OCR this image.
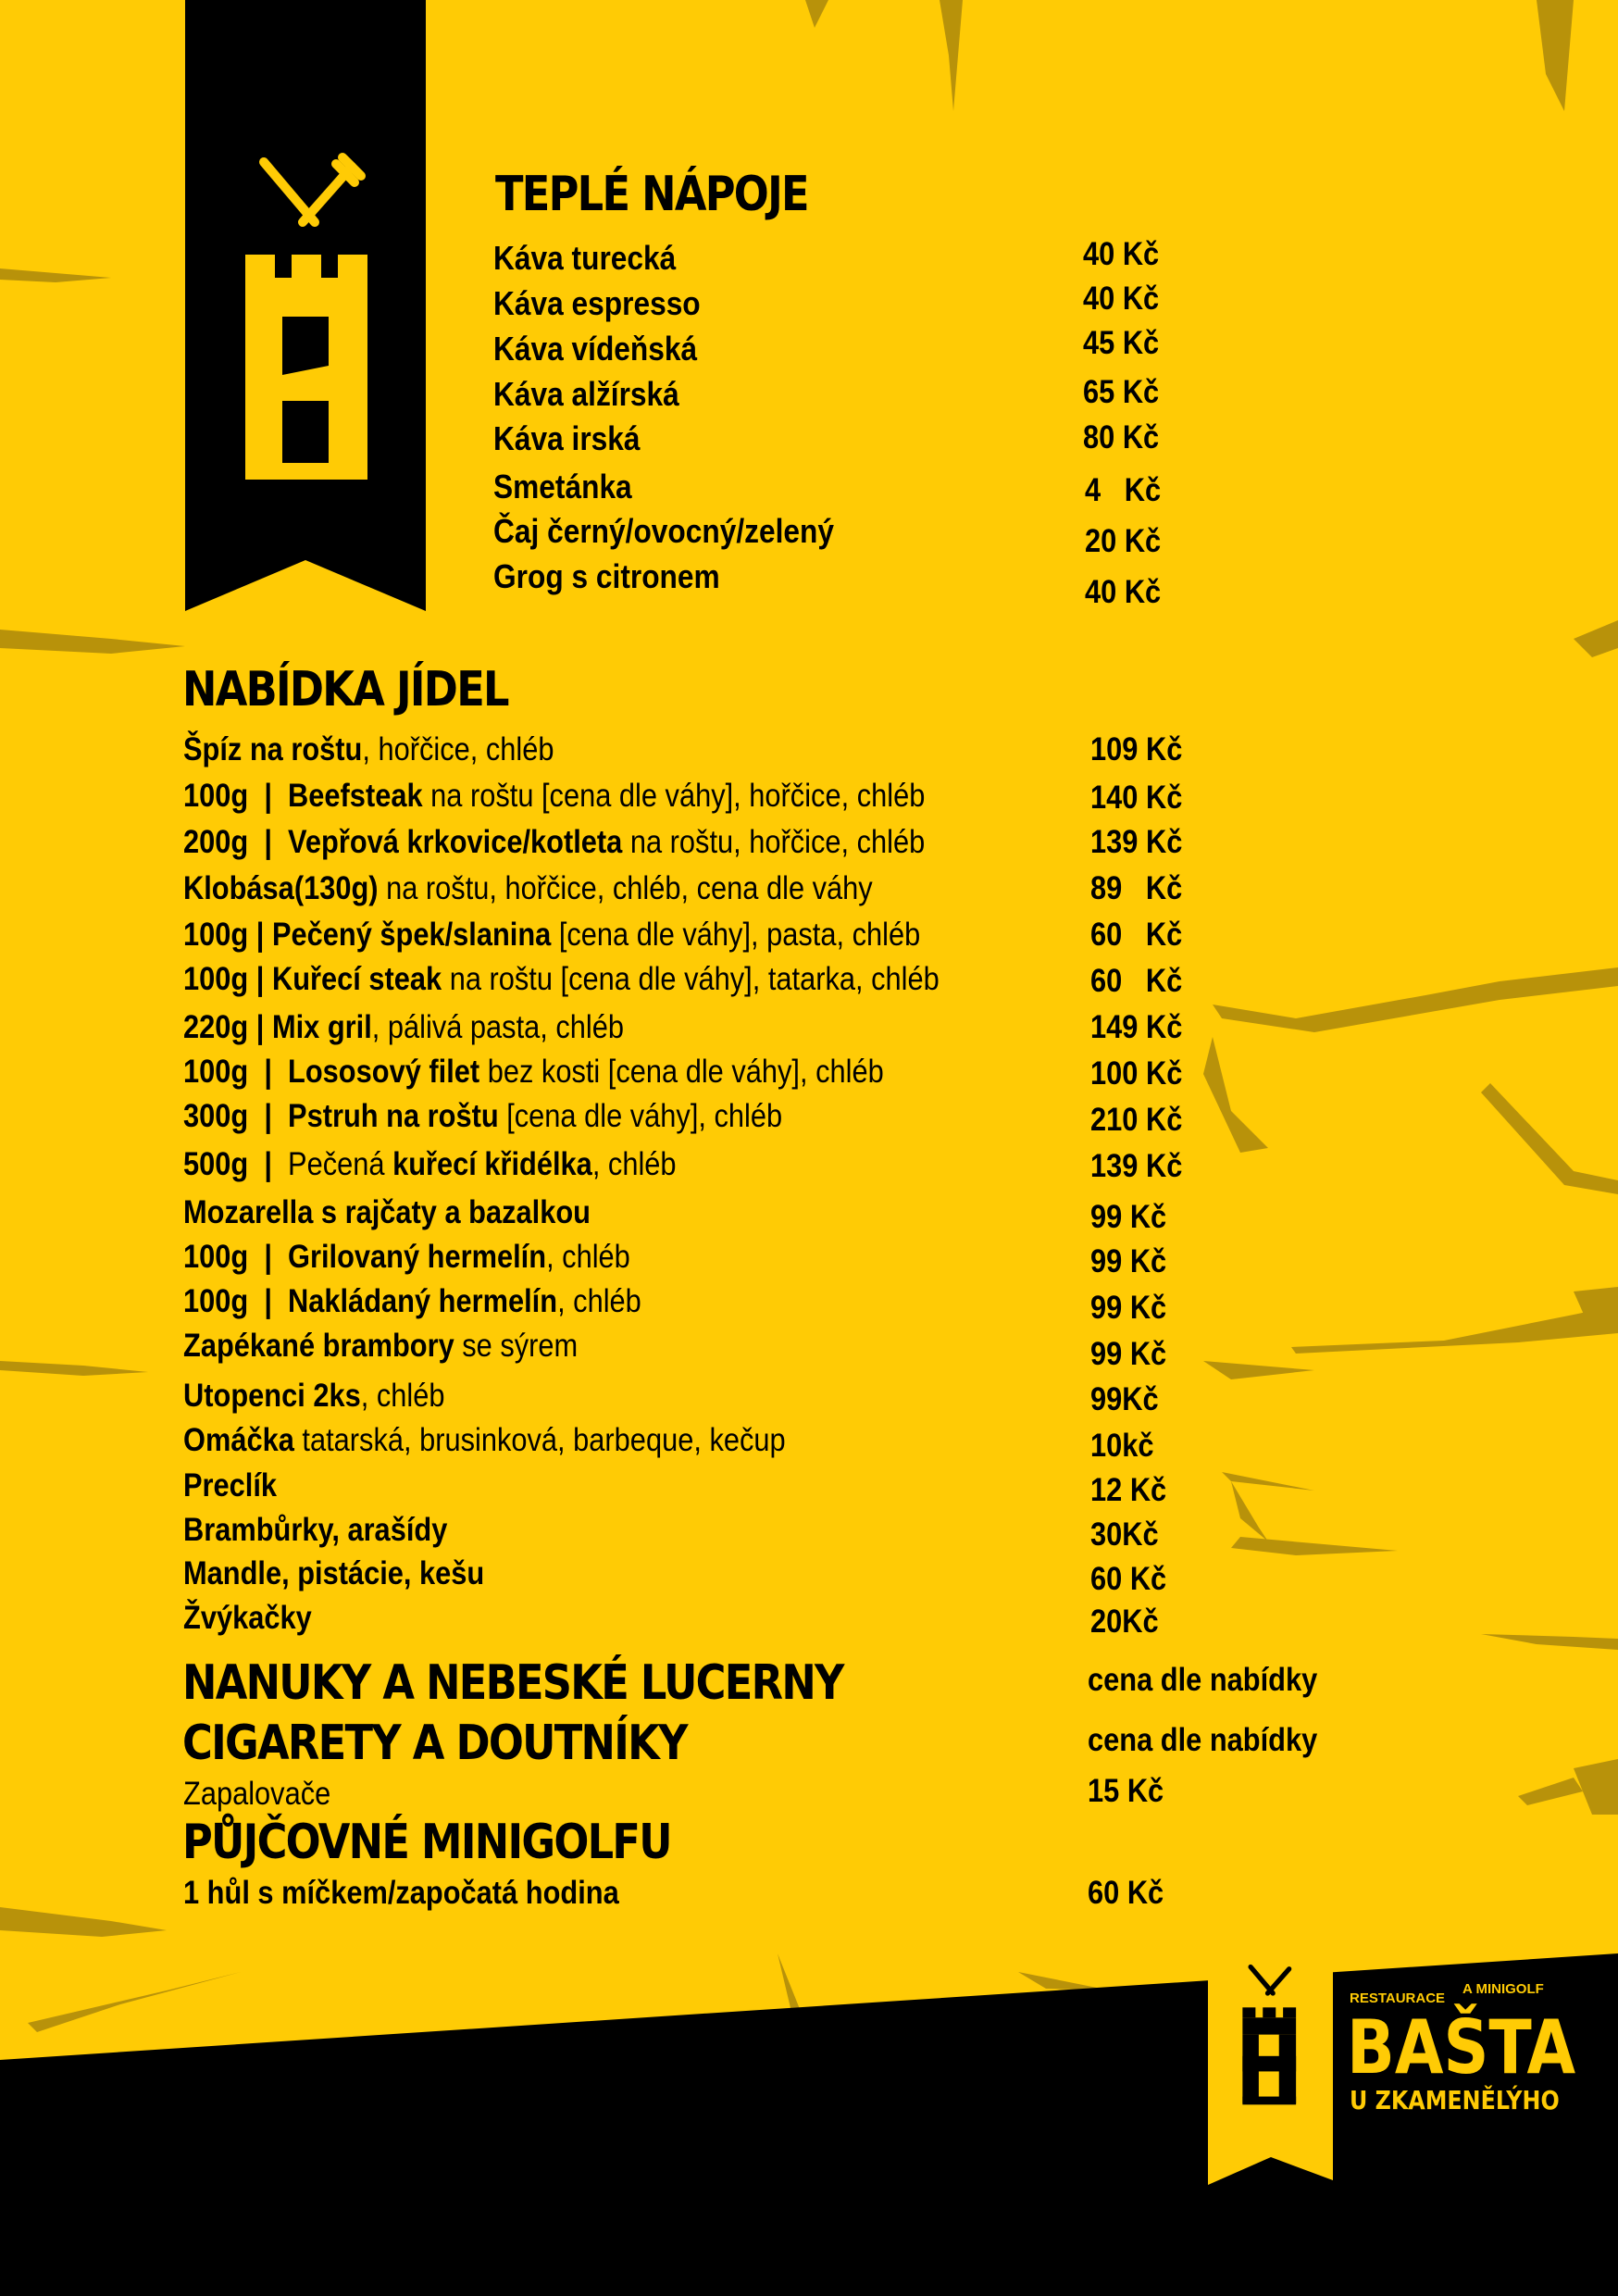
TEPLÉ NÁPOJE
Káva turecká	40 Kč
Káva espresso	40 Kč
Káva vídeňská	45 Kč
Káva alžírská	65 Kč
Káva irská	80 Kč
Smetánka	4   Kč
Čaj černý/ovocný/zelený	20 Kč
Grog s citronem	40 Kč
NABÍDKA JÍDEL
Špíz na roštu, hořčice, chléb	109 Kč
100g  |  Beefsteak na roštu [cena dle váhy], hořčice, chléb	140 Kč
200g  |  Vepřová krkovice/kotleta na roštu, hořčice, chléb	139 Kč
Klobása(130g) na roštu, hořčice, chléb, cena dle váhy	89   Kč
100g | Pečený špek/slanina [cena dle váhy], pasta, chléb	60   Kč
100g | Kuřecí steak na roštu [cena dle váhy], tatarka, chléb	60   Kč
220g | Mix gril, pálivá pasta, chléb	149 Kč
100g  |  Lososový filet bez kosti [cena dle váhy], chléb	100 Kč
300g  |  Pstruh na roštu [cena dle váhy], chléb	210 Kč
500g  |  Pečená kuřecí křidélka, chléb	139 Kč
Mozarella s rajčaty a bazalkou	99 Kč
100g  |  Grilovaný hermelín, chléb	99 Kč
100g  |  Nakládaný hermelín, chléb	99 Kč
Zapékané brambory se sýrem	99 Kč
Utopenci 2ks, chléb	99Kč
Omáčka tatarská, brusinková, barbeque, kečup	10kč
Preclík	12 Kč
Brambůrky, arašídy	30Kč
Mandle, pistácie, kešu	60 Kč
Žvýkačky	20Kč
NANUKY A NEBESKÉ LUCERNY	cena dle nabídky
CIGARETY A DOUTNÍKY	cena dle nabídky
Zapalovače	15 Kč
PŮJČOVNÉ MINIGOLFU
1 hůl s míčkem/započatá hodina	60 Kč
RESTAURACE
A MINIGOLF
BAŠTA
U ZKAMENĚLÝHO
